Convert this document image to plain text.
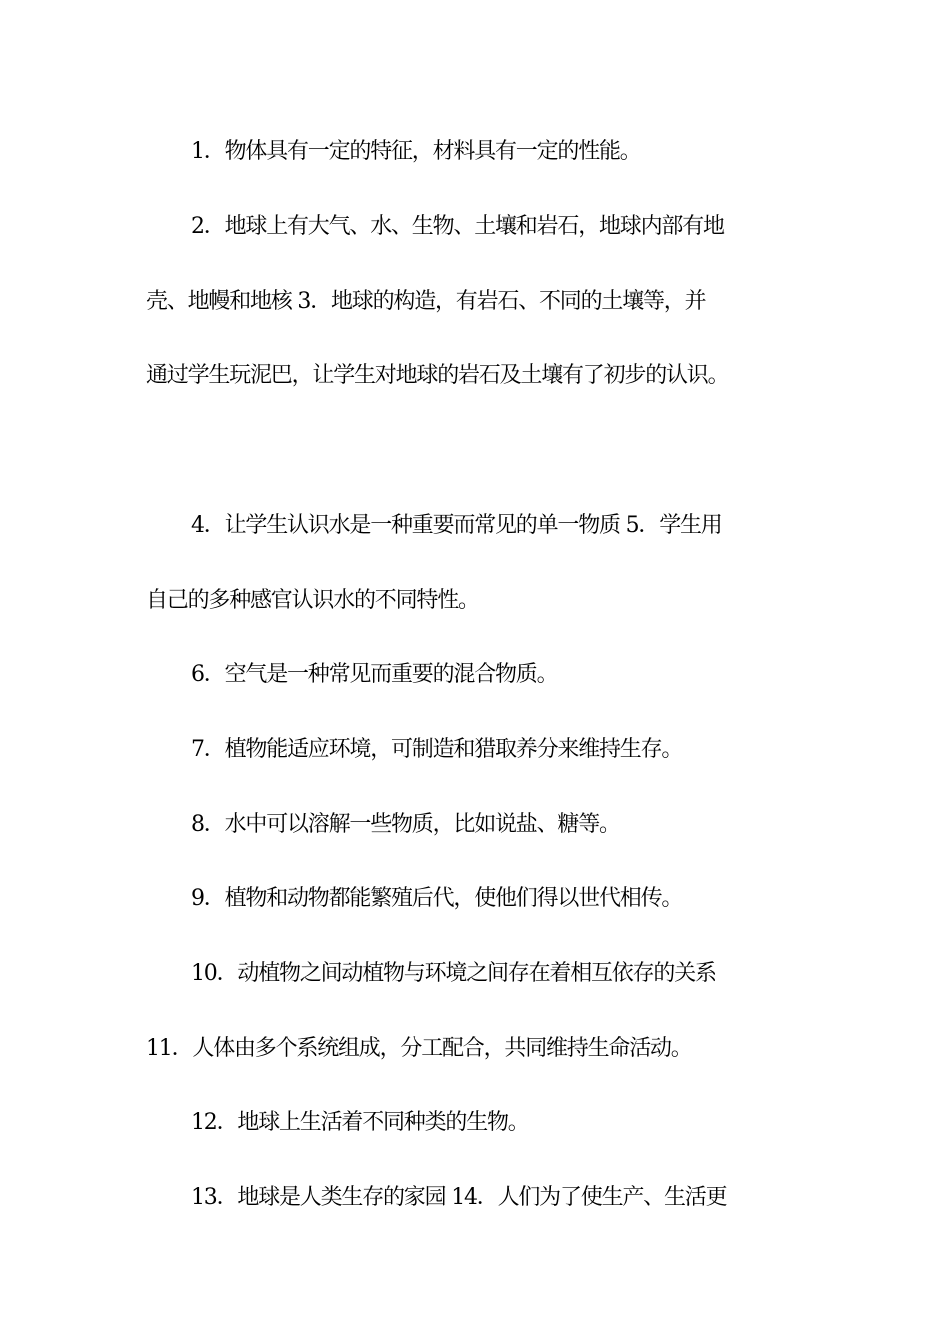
1．物体具有一定的特征，材料具有一定的性能。
2．地球上有大气、水、生物、土壤和岩石，地球内部有地
壳、地幔和地核 3．地球的构造，有岩石、不同的土壤等，并
通过学生玩泥巴，让学生对地球的岩石及土壤有了初步的认识。
4．让学生认识水是一种重要而常见的单一物质 5．学生用
自己的多种感官认识水的不同特性。
6．空气是一种常见而重要的混合物质。
7．植物能适应环境，可制造和猎取养分来维持生存。
8．水中可以溶解一些物质，比如说盐、糖等。
9．植物和动物都能繁殖后代，使他们得以世代相传。
10．动植物之间动植物与环境之间存在着相互依存的关系
11．人体由多个系统组成，分工配合，共同维持生命活动。
12．地球上生活着不同种类的生物。
13．地球是人类生存的家园 14．人们为了使生产、生活更
